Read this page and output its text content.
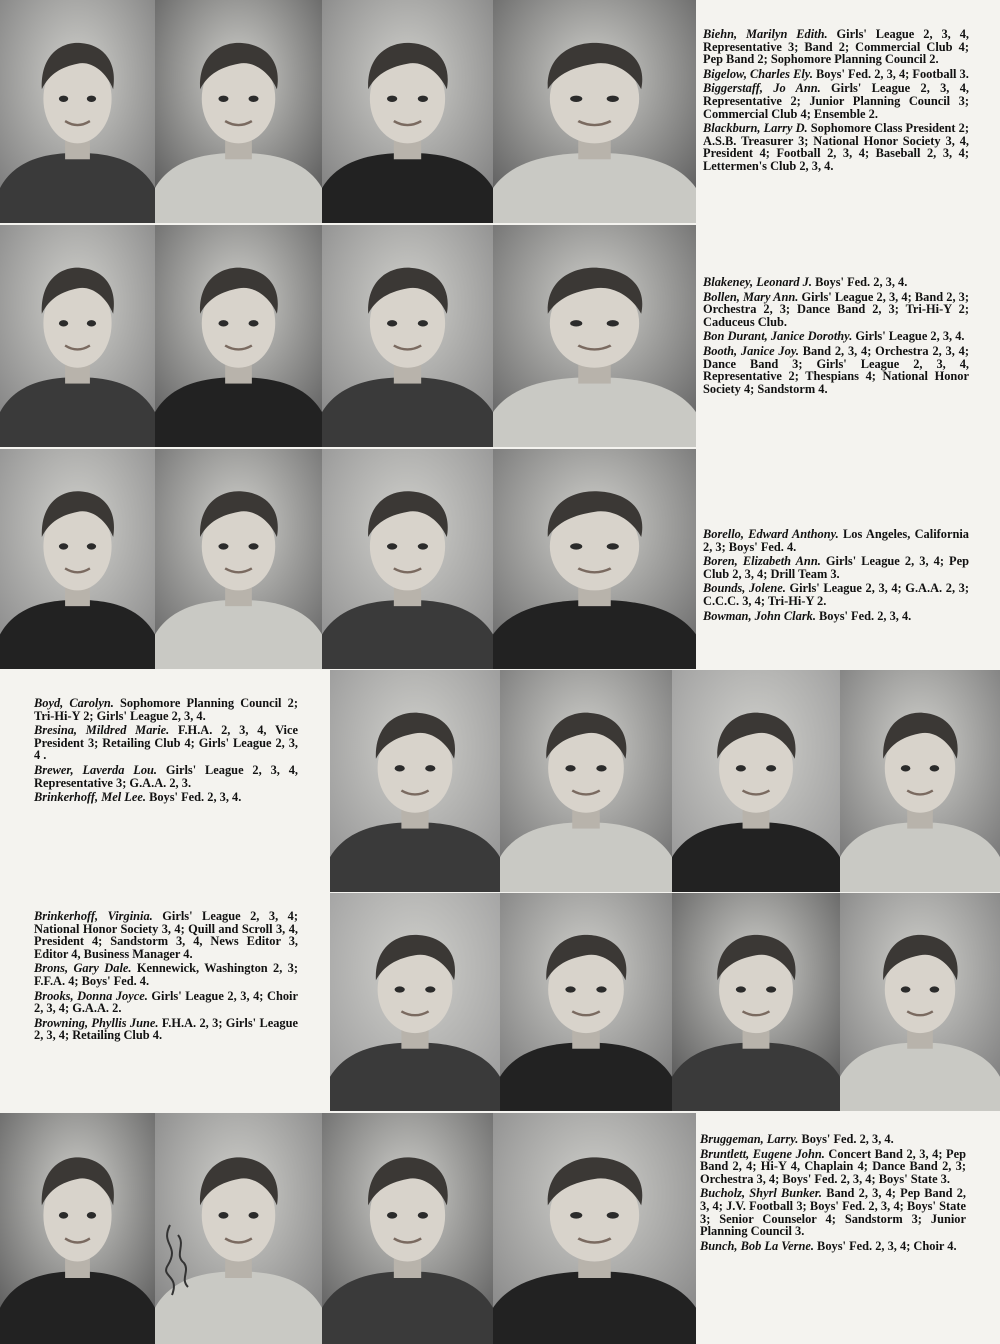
Biehn, Marilyn Edith. Girls' League 2, 3, 4, Representative 3; Band 2; Commercial Club 4; Pep Band 2; Sophomore Planning Council 2.

Bigelow, Charles Ely. Boys' Fed. 2, 3, 4; Football 3.

Biggerstaff, Jo Ann. Girls' League 2, 3, 4, Representative 2; Junior Planning Council 3; Commercial Club 4; Ensemble 2.

Blackburn, Larry D. Sophomore Class President 2; A.S.B. Treasurer 3; National Honor Society 3, 4, President 4; Football 2, 3, 4; Baseball 2, 3, 4; Lettermen's Club 2, 3, 4.

Blakeney, Leonard J. Boys' Fed. 2, 3, 4.

Bollen, Mary Ann. Girls' League 2, 3, 4; Band 2, 3; Orchestra 2, 3; Dance Band 2, 3; Tri-Hi-Y 2; Caduceus Club.

Bon Durant, Janice Dorothy. Girls' League 2, 3, 4.

Booth, Janice Joy. Band 2, 3, 4; Orchestra 2, 3, 4; Dance Band 3; Girls' League 2, 3, 4, Representative 2; Thespians 4; National Honor Society 4; Sandstorm 4.

Borello, Edward Anthony. Los Angeles, California 2, 3; Boys' Fed. 4.

Boren, Elizabeth Ann. Girls' League 2, 3, 4; Pep Club 2, 3, 4; Drill Team 3.

Bounds, Jolene. Girls' League 2, 3, 4; G.A.A. 2, 3; C.C.C. 3, 4; Tri-Hi-Y 2.

Bowman, John Clark. Boys' Fed. 2, 3, 4.

Boyd, Carolyn. Sophomore Planning Council 2; Tri-Hi-Y 2; Girls' League 2, 3, 4.

Bresina, Mildred Marie. F.H.A. 2, 3, 4, Vice President 3; Retailing Club 4; Girls' League 2, 3, 4 .

Brewer, Laverda Lou. Girls' League 2, 3, 4, Representative 3; G.A.A. 2, 3.

Brinkerhoff, Mel Lee. Boys' Fed. 2, 3, 4.

Brinkerhoff, Virginia. Girls' League 2, 3, 4; National Honor Society 3, 4; Quill and Scroll 3, 4, President 4; Sandstorm 3, 4, News Editor 3, Editor 4, Business Manager 4.

Brons, Gary Dale. Kennewick, Washington 2, 3; F.F.A. 4; Boys' Fed. 4.

Brooks, Donna Joyce. Girls' League 2, 3, 4; Choir 2, 3, 4; G.A.A. 2.

Browning, Phyllis June. F.H.A. 2, 3; Girls' League 2, 3, 4; Retailing Club 4.

Bruggeman, Larry. Boys' Fed. 2, 3, 4.

Bruntlett, Eugene John. Concert Band 2, 3, 4; Pep Band 2, 4; Hi-Y 4, Chaplain 4; Dance Band 2, 3; Orchestra 3, 4; Boys' Fed. 2, 3, 4; Boys' State 3.

Bucholz, Shyrl Bunker. Band 2, 3, 4; Pep Band 2, 3, 4; J.V. Football 3; Boys' Fed. 2, 3, 4; Boys' State 3; Senior Counselor 4; Sandstorm 3; Junior Planning Council 3.

Bunch, Bob La Verne. Boys' Fed. 2, 3, 4; Choir 4.
